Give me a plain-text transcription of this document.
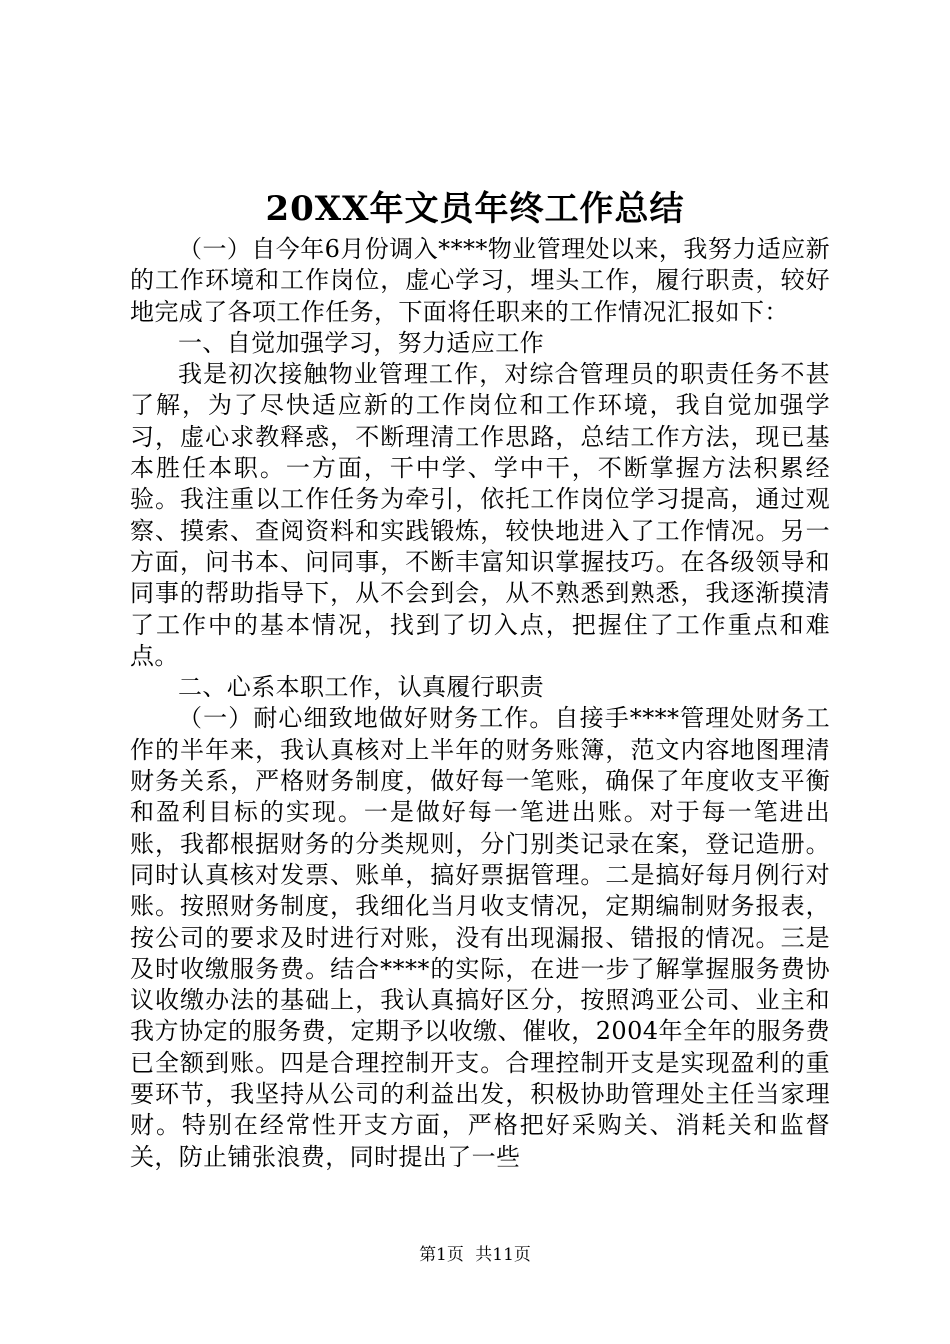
20XX年文员年终工作总结

（一）自今年6月份调入****物业管理处以来，我努力适应新的工作环境和工作岗位，虚心学习，埋头工作，履行职责，较好地完成了各项工作任务，下面将任职来的工作情况汇报如下：

一、自觉加强学习，努力适应工作

我是初次接触物业管理工作，对综合管理员的职责任务不甚了解，为了尽快适应新的工作岗位和工作环境，我自觉加强学习，虚心求教释惑，不断理清工作思路，总结工作方法，现已基本胜任本职。一方面，干中学、学中干，不断掌握方法积累经验。我注重以工作任务为牵引，依托工作岗位学习提高，通过观察、摸索、查阅资料和实践锻炼，较快地进入了工作情况。另一方面，问书本、问同事，不断丰富知识掌握技巧。在各级领导和同事的帮助指导下，从不会到会，从不熟悉到熟悉，我逐渐摸清了工作中的基本情况，找到了切入点，把握住了工作重点和难点。

二、心系本职工作，认真履行职责

（一）耐心细致地做好财务工作。自接手****管理处财务工作的半年来，我认真核对上半年的财务账簿，范文内容地图理清财务关系，严格财务制度，做好每一笔账，确保了年度收支平衡和盈利目标的实现。一是做好每一笔进出账。对于每一笔进出账，我都根据财务的分类规则，分门别类记录在案，登记造册。同时认真核对发票、账单，搞好票据管理。二是搞好每月例行对账。按照财务制度，我细化当月收支情况，定期编制财务报表，按公司的要求及时进行对账，没有出现漏报、错报的情况。三是及时收缴服务费。结合****的实际，在进一步了解掌握服务费协议收缴办法的基础上，我认真搞好区分，按照鸿亚公司、业主和我方协定的服务费，定期予以收缴、催收，2004年全年的服务费已全额到账。四是合理控制开支。合理控制开支是实现盈利的重要环节，我坚持从公司的利益出发，积极协助管理处主任当家理财。特别在经常性开支方面，严格把好采购关、消耗关和监督关，防止铺张浪费，同时提出了一些

第1页 共11页
